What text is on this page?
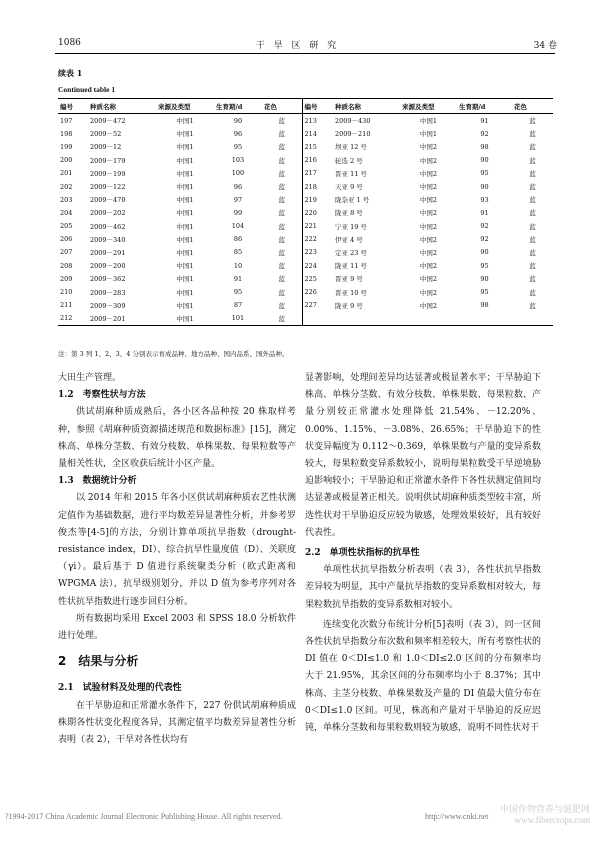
1086	干 旱 区 研 究	34 卷
续表 1
Continued table 1
编号	种质名称	来源及类型	生育期/d	花色	编号	种质名称	来源及类型	生育期/d	花色
197	2009－472	中国1	90	蓝	213	2009－430	中国1	91	蓝
198	2009－52	中国1	96	蓝	214	2009－210	中国1	92	蓝
199	2009－12	中国1	95	蓝	215	坝亚 12 号	中国2	98	蓝
200	2009－179	中国1	103	蓝	216	轮选 2 号	中国2	90	蓝
201	2009－199	中国1	100	蓝	217	晋亚 11 号	中国2	95	蓝
202	2009－122	中国1	96	蓝	218	天亚 9 号	中国2	90	蓝
203	2009－470	中国1	97	蓝	219	陇杂亚 1 号	中国2	93	蓝
204	2009－202	中国1	99	蓝	220	陇亚 8 号	中国2	91	蓝
205	2009－462	中国1	104	蓝	221	宁亚 19 号	中国2	92	蓝
206	2009－340	中国1	86	蓝	222	伊亚 4 号	中国2	92	蓝
207	2009－291	中国1	85	蓝	223	定亚 23 号	中国2	90	蓝
208	2009－200	中国1	10	蓝	224	陇亚 11 号	中国2	95	蓝
209	2009－362	中国1	91	蓝	225	晋亚 9 号	中国2	90	蓝
210	2009－283	中国1	95	蓝	226	晋亚 10 号	中国2	95	蓝
211	2009－309	中国1	87	蓝	227	陇亚 9 号	中国2	98	蓝
212	2009－201	中国1	101	蓝					
注：第 3 列 1、2、3、4 分别表示育成品种、地方品种、国内品系、国外品种。

大田生产管理。

1.2　考察性状与方法

供试胡麻种质成熟后，各小区各品种按 20 株取样考种，参照《胡麻种质资源描述规范和数据标准》[15]，测定株高、单株分茎数、有效分枝数、单株果数、每果粒数等产量相关性状，全区收获后统计小区产量。

1.3　数据统计分析

以 2014 年和 2015 年各小区供试胡麻种质农艺性状测定值作为基础数据，进行平均数差异显著性分析，并参考罗俊杰等[4-5]的方法，分别计算单项抗旱指数（drought-resistance index，DI）、综合抗旱性量度值（D）、关联度（γi）。最后基于 D 值进行系统聚类分析（欧式距离和 WPGMA 法），抗旱级别划分，并以 D 值为参考序列对各性状抗旱指数进行逐步回归分析。

所有数据均采用 Excel 2003 和 SPSS 18.0 分析软件进行处理。

2　结果与分析
2.1　试验材料及处理的代表性

在干旱胁迫和正常灌水条件下，227 份供试胡麻种质成株期各性状变化程度各异，其测定值平均数差异显著性分析表明（表 2），干旱对各性状均有

显著影响，处理间差异均达显著或极显著水平；干旱胁迫下株高、单株分茎数、有效分枝数、单株果数、每果粒数、产量分别较正常灌水处理降低 21.54%、－12.20%、0.00%、1.15%、－3.08%、26.65%；干旱胁迫下的性状变异幅度为 0.112～0.369，单株果数与产量的变异系数较大，每果粒数变异系数较小，说明每果粒数受干旱逆境胁迫影响较小；干旱胁迫和正常灌水条件下各性状测定值间均达显著或极显著正相关。说明供试胡麻种质类型较丰富，所选性状对干旱胁迫反应较为敏感，处理效果较好，具有较好代表性。

2.2　单项性状指标的抗旱性

单项性状抗旱指数分析表明（表 3），各性状抗旱指数差异较为明显，其中产量抗旱指数的变异系数相对较大，每果粒数抗旱指数的变异系数相对较小。

连续变化次数分布统计分析[5]表明（表 3），同一区间各性状抗旱指数分布次数和频率相差较大，所有考察性状的 DI 值在 0＜DI≤1.0 和 1.0＜DI≤2.0 区间的分布频率均大于 21.95%，其余区间的分布频率均小于 8.37%；其中株高、主茎分枝数、单株果数及产量的 DI 值最大值分布在 0＜DI≤1.0 区间。可见，株高和产量对干旱胁迫的反应迟钝，单株分茎数和每果粒数则较为敏感，说明不同性状对干

?1994-2017 China Academic Journal Electronic Publishing House. All rights reserved.	http://www.cnki.net
中国作物营养与施肥网
www.fibercrops.com
